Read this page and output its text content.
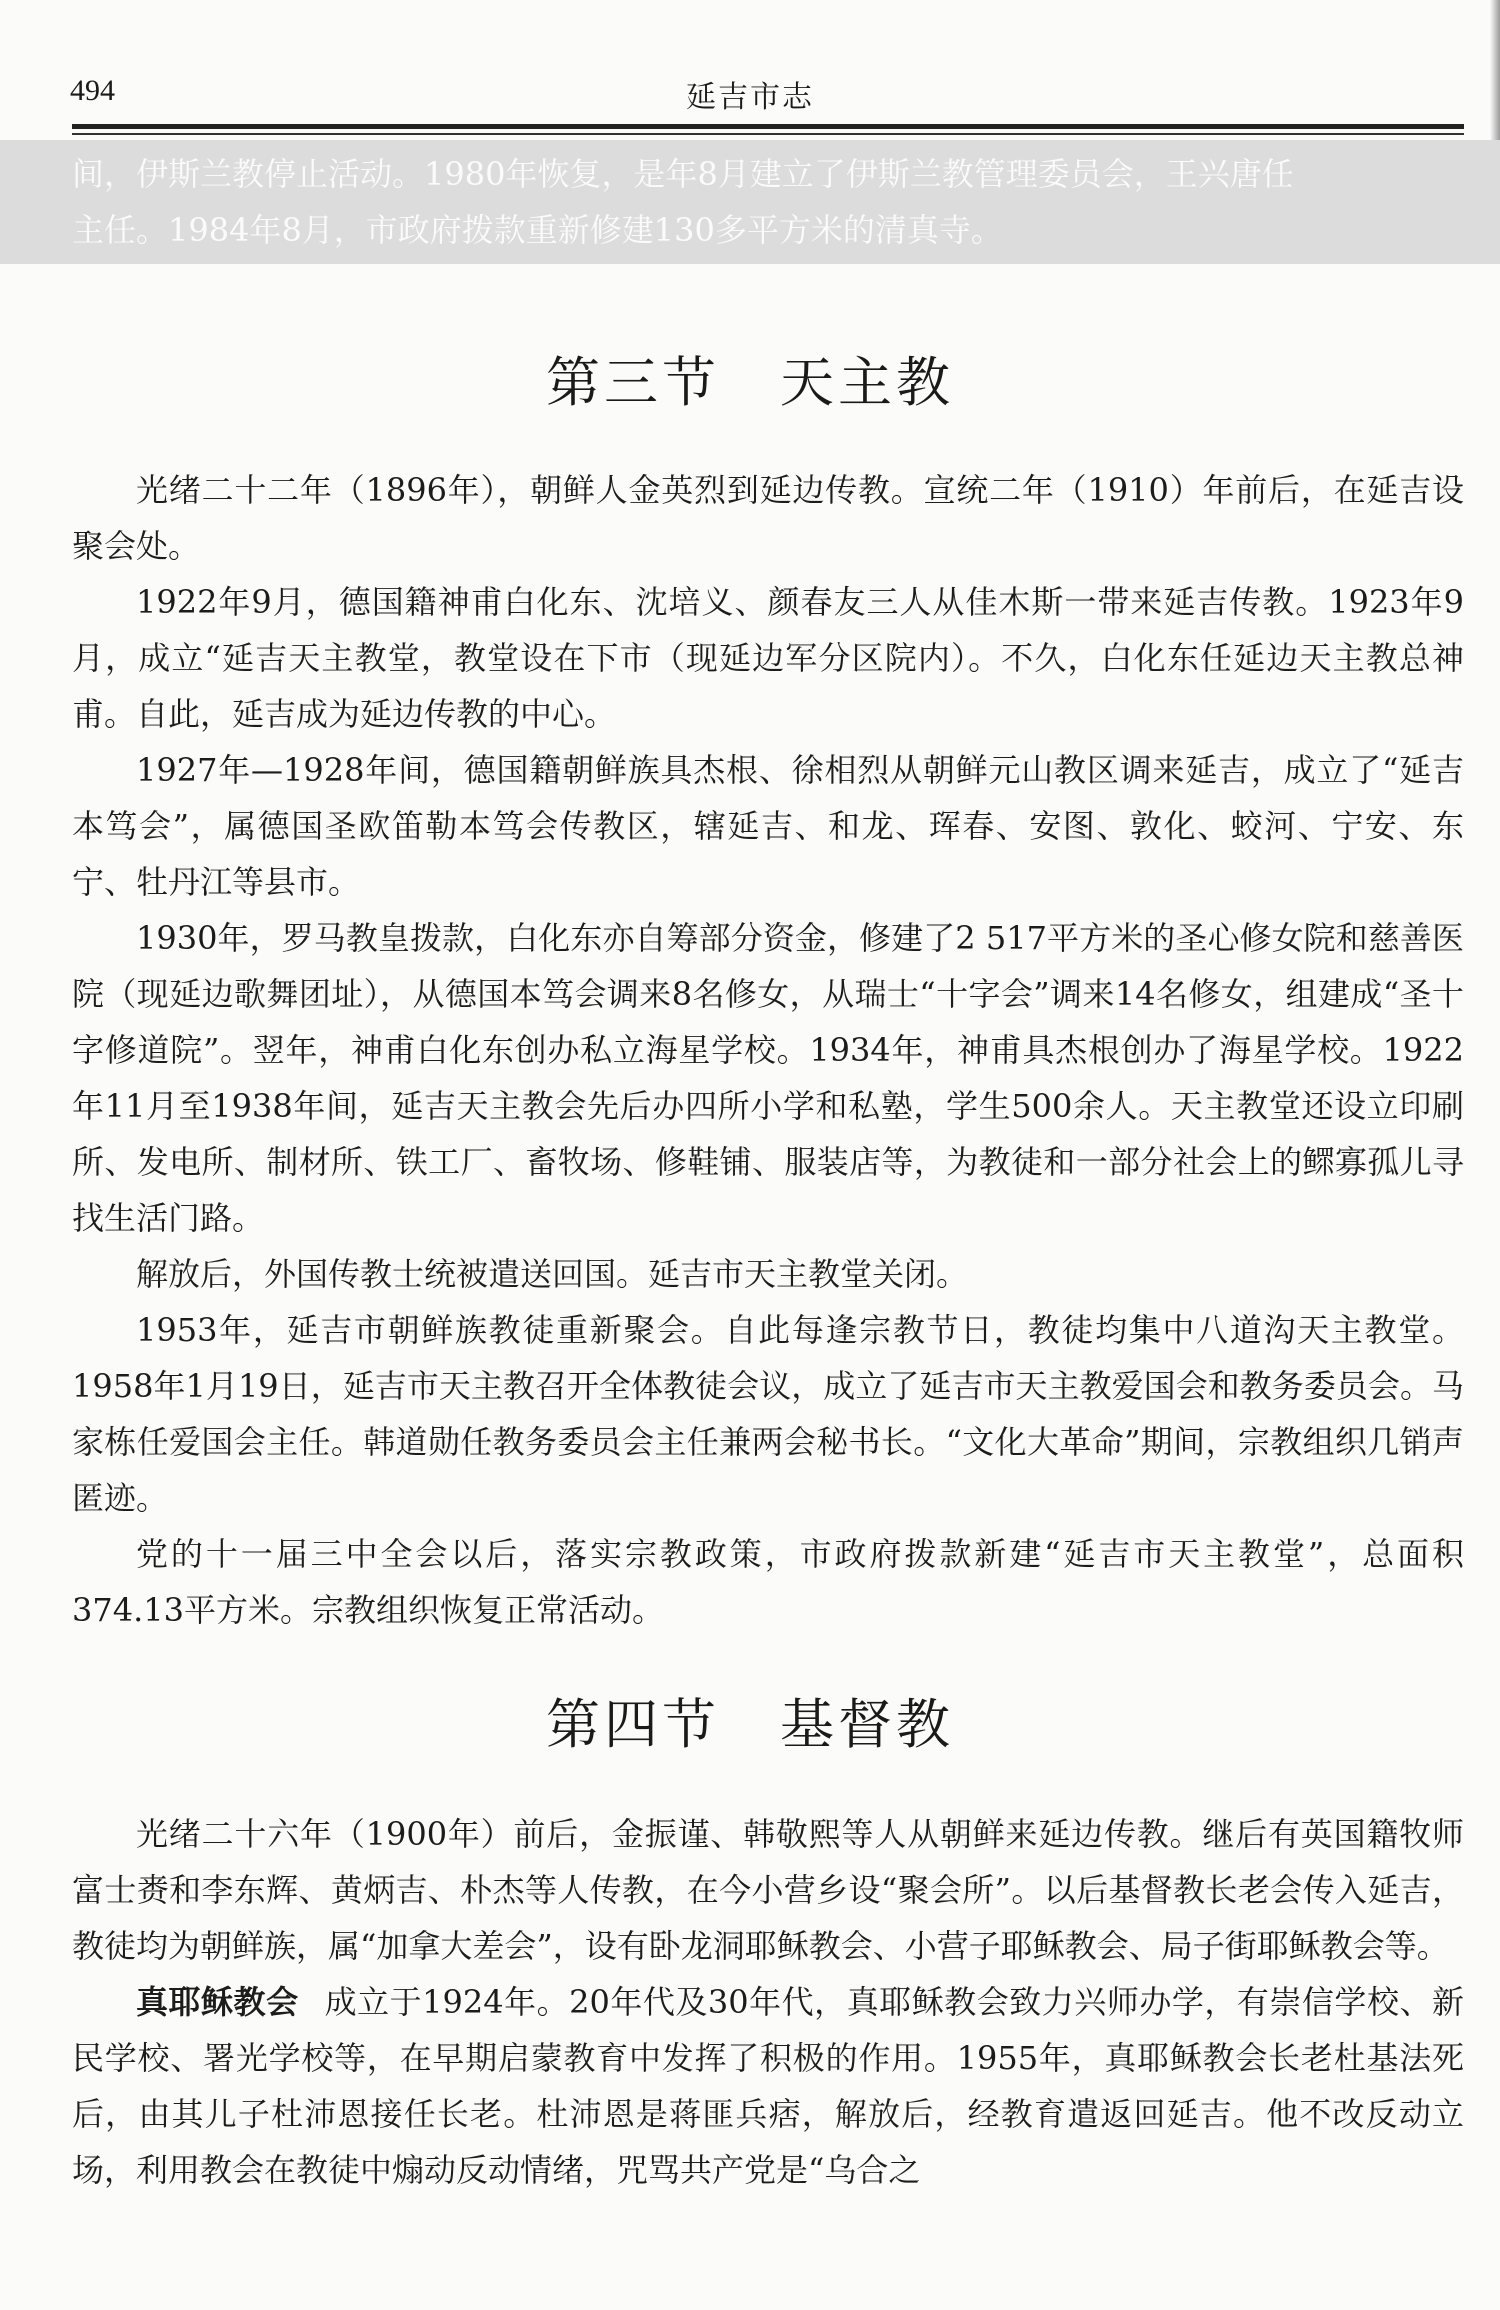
494	延吉市志

间，伊斯兰教停止活动。1980年恢复，是年8月建立了伊斯兰教管理委员会，王兴唐任

主任。1984年8月，市政府拨款重新修建130多平方米的清真寺。

第三节 天主教

光绪二十二年（1896年），朝鲜人金英烈到延边传教。宣统二年（1910）年前后，在延吉设聚会处。

1922年9月，德国籍神甫白化东、沈培义、颜春友三人从佳木斯一带来延吉传教。1923年9月，成立“延吉天主教堂，教堂设在下市（现延边军分区院内）。不久，白化东任延边天主教总神甫。自此，延吉成为延边传教的中心。

1927年—1928年间，德国籍朝鲜族具杰根、徐相烈从朝鲜元山教区调来延吉，成立了“延吉本笃会”，属德国圣欧笛勒本笃会传教区，辖延吉、和龙、珲春、安图、敦化、蛟河、宁安、东宁、牡丹江等县市。

1930年，罗马教皇拨款，白化东亦自筹部分资金，修建了2 517平方米的圣心修女院和慈善医院（现延边歌舞团址），从德国本笃会调来8名修女，从瑞士“十字会”调来14名修女，组建成“圣十字修道院”。翌年，神甫白化东创办私立海星学校。1934年，神甫具杰根创办了海星学校。1922年11月至1938年间，延吉天主教会先后办四所小学和私塾，学生500余人。天主教堂还设立印刷所、发电所、制材所、铁工厂、畜牧场、修鞋铺、服装店等，为教徒和一部分社会上的鳏寡孤儿寻找生活门路。

解放后，外国传教士统被遣送回国。延吉市天主教堂关闭。

1953年，延吉市朝鲜族教徒重新聚会。自此每逢宗教节日，教徒均集中八道沟天主教堂。1958年1月19日，延吉市天主教召开全体教徒会议，成立了延吉市天主教爱国会和教务委员会。马家栋任爱国会主任。韩道勋任教务委员会主任兼两会秘书长。“文化大革命”期间，宗教组织几销声匿迹。

党的十一届三中全会以后，落实宗教政策，市政府拨款新建“延吉市天主教堂”，总面积374.13平方米。宗教组织恢复正常活动。

第四节 基督教

光绪二十六年（1900年）前后，金振谨、韩敬熙等人从朝鲜来延边传教。继后有英国籍牧师富士赉和李东辉、黄炳吉、朴杰等人传教，在今小营乡设“聚会所”。以后基督教长老会传入延吉，教徒均为朝鲜族，属“加拿大差会”，设有卧龙洞耶稣教会、小营子耶稣教会、局子街耶稣教会等。

真耶稣教会 成立于1924年。20年代及30年代，真耶稣教会致力兴师办学，有崇信学校、新民学校、署光学校等，在早期启蒙教育中发挥了积极的作用。1955年，真耶稣教会长老杜基法死后，由其儿子杜沛恩接任长老。杜沛恩是蒋匪兵痞，解放后，经教育遣返回延吉。他不改反动立场，利用教会在教徒中煽动反动情绪，咒骂共产党是“乌合之
